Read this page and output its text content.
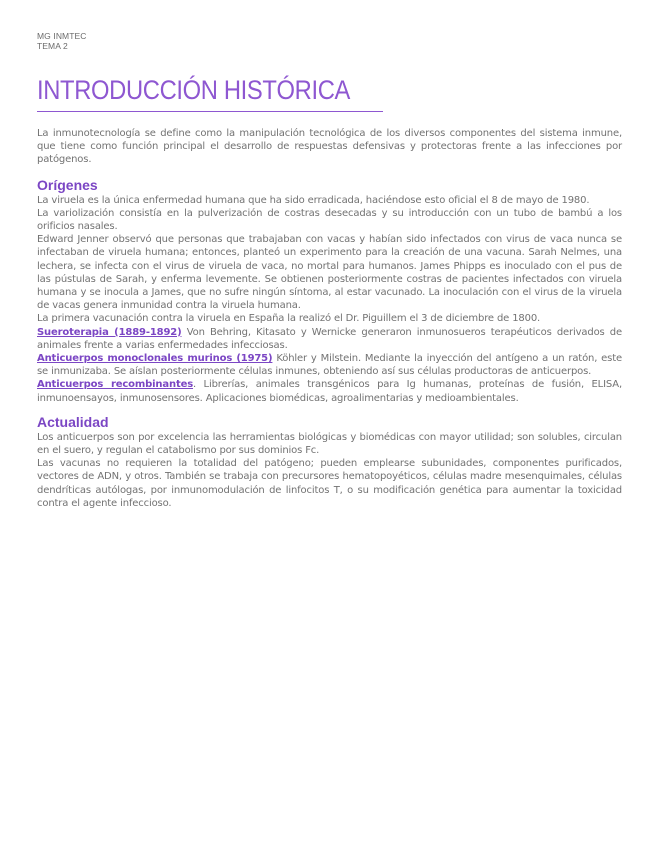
MG INMTEC
TEMA 2
INTRODUCCIÓN HISTÓRICA

La inmunotecnología se define como la manipulación tecnológica de los diversos componentes del sistema inmune, que tiene como función principal el desarrollo de respuestas defensivas y protectoras frente a las infecciones por patógenos.

Orígenes

La viruela es la única enfermedad humana que ha sido erradicada, haciéndose esto oficial el 8 de mayo de 1980.

La variolización consistía en la pulverización de costras desecadas y su introducción con un tubo de bambú a los orificios nasales.

Edward Jenner observó que personas que trabajaban con vacas y habían sido infectados con virus de vaca nunca se infectaban de viruela humana; entonces, planteó un experimento para la creación de una vacuna. Sarah Nelmes, una lechera, se infecta con el virus de viruela de vaca, no mortal para humanos. James Phipps es inoculado con el pus de las pústulas de Sarah, y enferma levemente. Se obtienen posteriormente costras de pacientes infectados con viruela humana y se inocula a James, que no sufre ningún síntoma, al estar vacunado. La inoculación con el virus de la viruela de vacas genera inmunidad contra la viruela humana.

La primera vacunación contra la viruela en España la realizó el Dr. Piguillem el 3 de diciembre de 1800.

Sueroterapia (1889-1892) Von Behring, Kitasato y Wernicke generaron inmunosueros terapéuticos derivados de animales frente a varias enfermedades infecciosas.

Anticuerpos monoclonales murinos (1975) Köhler y Milstein. Mediante la inyección del antígeno a un ratón, este se inmunizaba. Se aíslan posteriormente células inmunes, obteniendo así sus células productoras de anticuerpos.

Anticuerpos recombinantes. Librerías, animales transgénicos para Ig humanas, proteínas de fusión, ELISA, inmunoensayos, inmunosensores. Aplicaciones biomédicas, agroalimentarias y medioambientales.

Actualidad

Los anticuerpos son por excelencia las herramientas biológicas y biomédicas con mayor utilidad; son solubles, circulan en el suero, y regulan el catabolismo por sus dominios Fc.

Las vacunas no requieren la totalidad del patógeno; pueden emplearse subunidades, componentes purificados, vectores de ADN, y otros. También se trabaja con precursores hematopoyéticos, células madre mesenquimales, células dendríticas autólogas, por inmunomodulación de linfocitos T, o su modificación genética para aumentar la toxicidad contra el agente infeccioso.
